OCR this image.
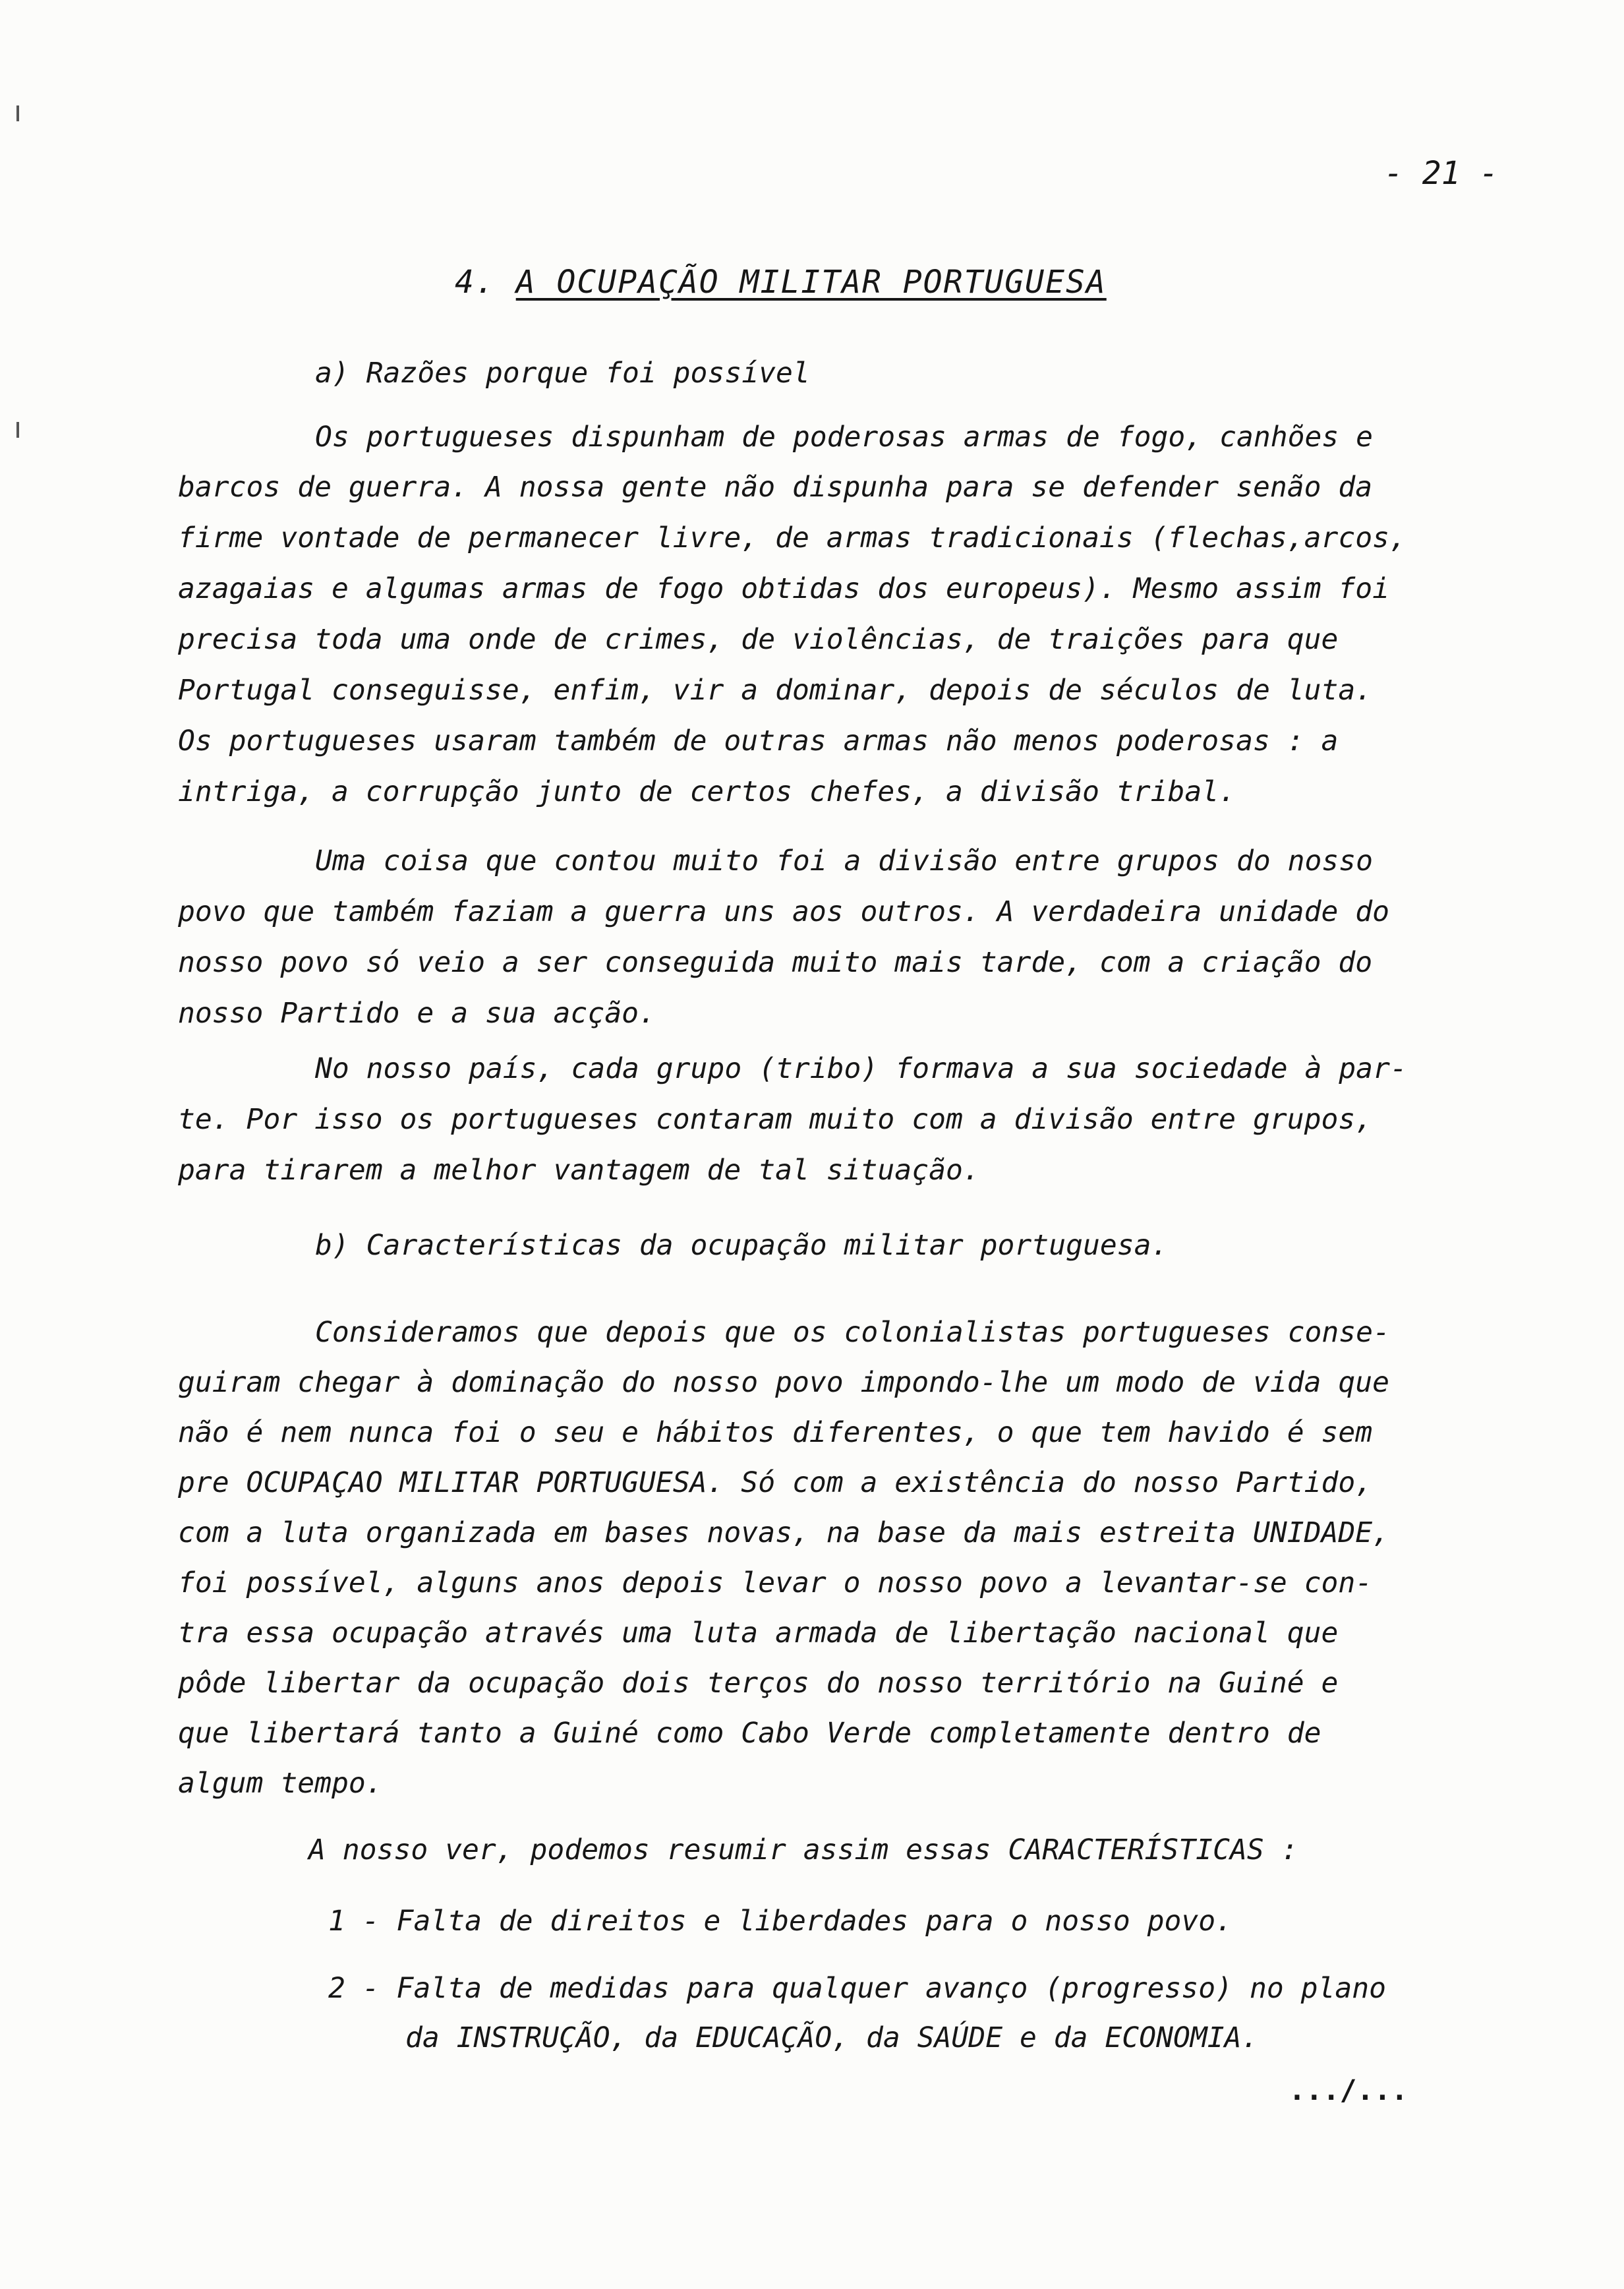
- 21 -
4. A OCUPAÇÃO MILITAR PORTUGUESA
a) Razões porque foi possível
Os portugueses dispunham de poderosas armas de fogo, canhões e
barcos de guerra. A nossa gente não dispunha para se defender senão da
firme vontade de permanecer livre, de armas tradicionais (flechas,arcos,
azagaias e algumas armas de fogo obtidas dos europeus). Mesmo assim foi
precisa toda uma onde de crimes, de violências, de traições para que
Portugal conseguisse, enfim, vir a dominar, depois de séculos de luta.
Os portugueses usaram também de outras armas não menos poderosas : a
intriga, a corrupção junto de certos chefes, a divisão tribal.
Uma coisa que contou muito foi a divisão entre grupos do nosso
povo que também faziam a guerra uns aos outros. A verdadeira unidade do
nosso povo só veio a ser conseguida muito mais tarde, com a criação do
nosso Partido e a sua acção.
No nosso país, cada grupo (tribo) formava a sua sociedade à par-
te. Por isso os portugueses contaram muito com a divisão entre grupos,
para tirarem a melhor vantagem de tal situação.
b) Características da ocupação militar portuguesa.
Consideramos que depois que os colonialistas portugueses conse-
guiram chegar à dominação do nosso povo impondo-lhe um modo de vida que
não é nem nunca foi o seu e hábitos diferentes, o que tem havido é sem
pre OCUPAÇAO MILITAR PORTUGUESA. Só com a existência do nosso Partido,
com a luta organizada em bases novas, na base da mais estreita UNIDADE,
foi possível, alguns anos depois levar o nosso povo a levantar-se con-
tra essa ocupação através uma luta armada de libertação nacional que
pôde libertar da ocupação dois terços do nosso território na Guiné e
que libertará tanto a Guiné como Cabo Verde completamente dentro de
algum tempo.
A nosso ver, podemos resumir assim essas CARACTERÍSTICAS :
1 - Falta de direitos e liberdades para o nosso povo.
2 - Falta de medidas para qualquer avanço (progresso) no plano
da INSTRUÇÃO, da EDUCAÇÃO, da SAÚDE e da ECONOMIA.
.../...
